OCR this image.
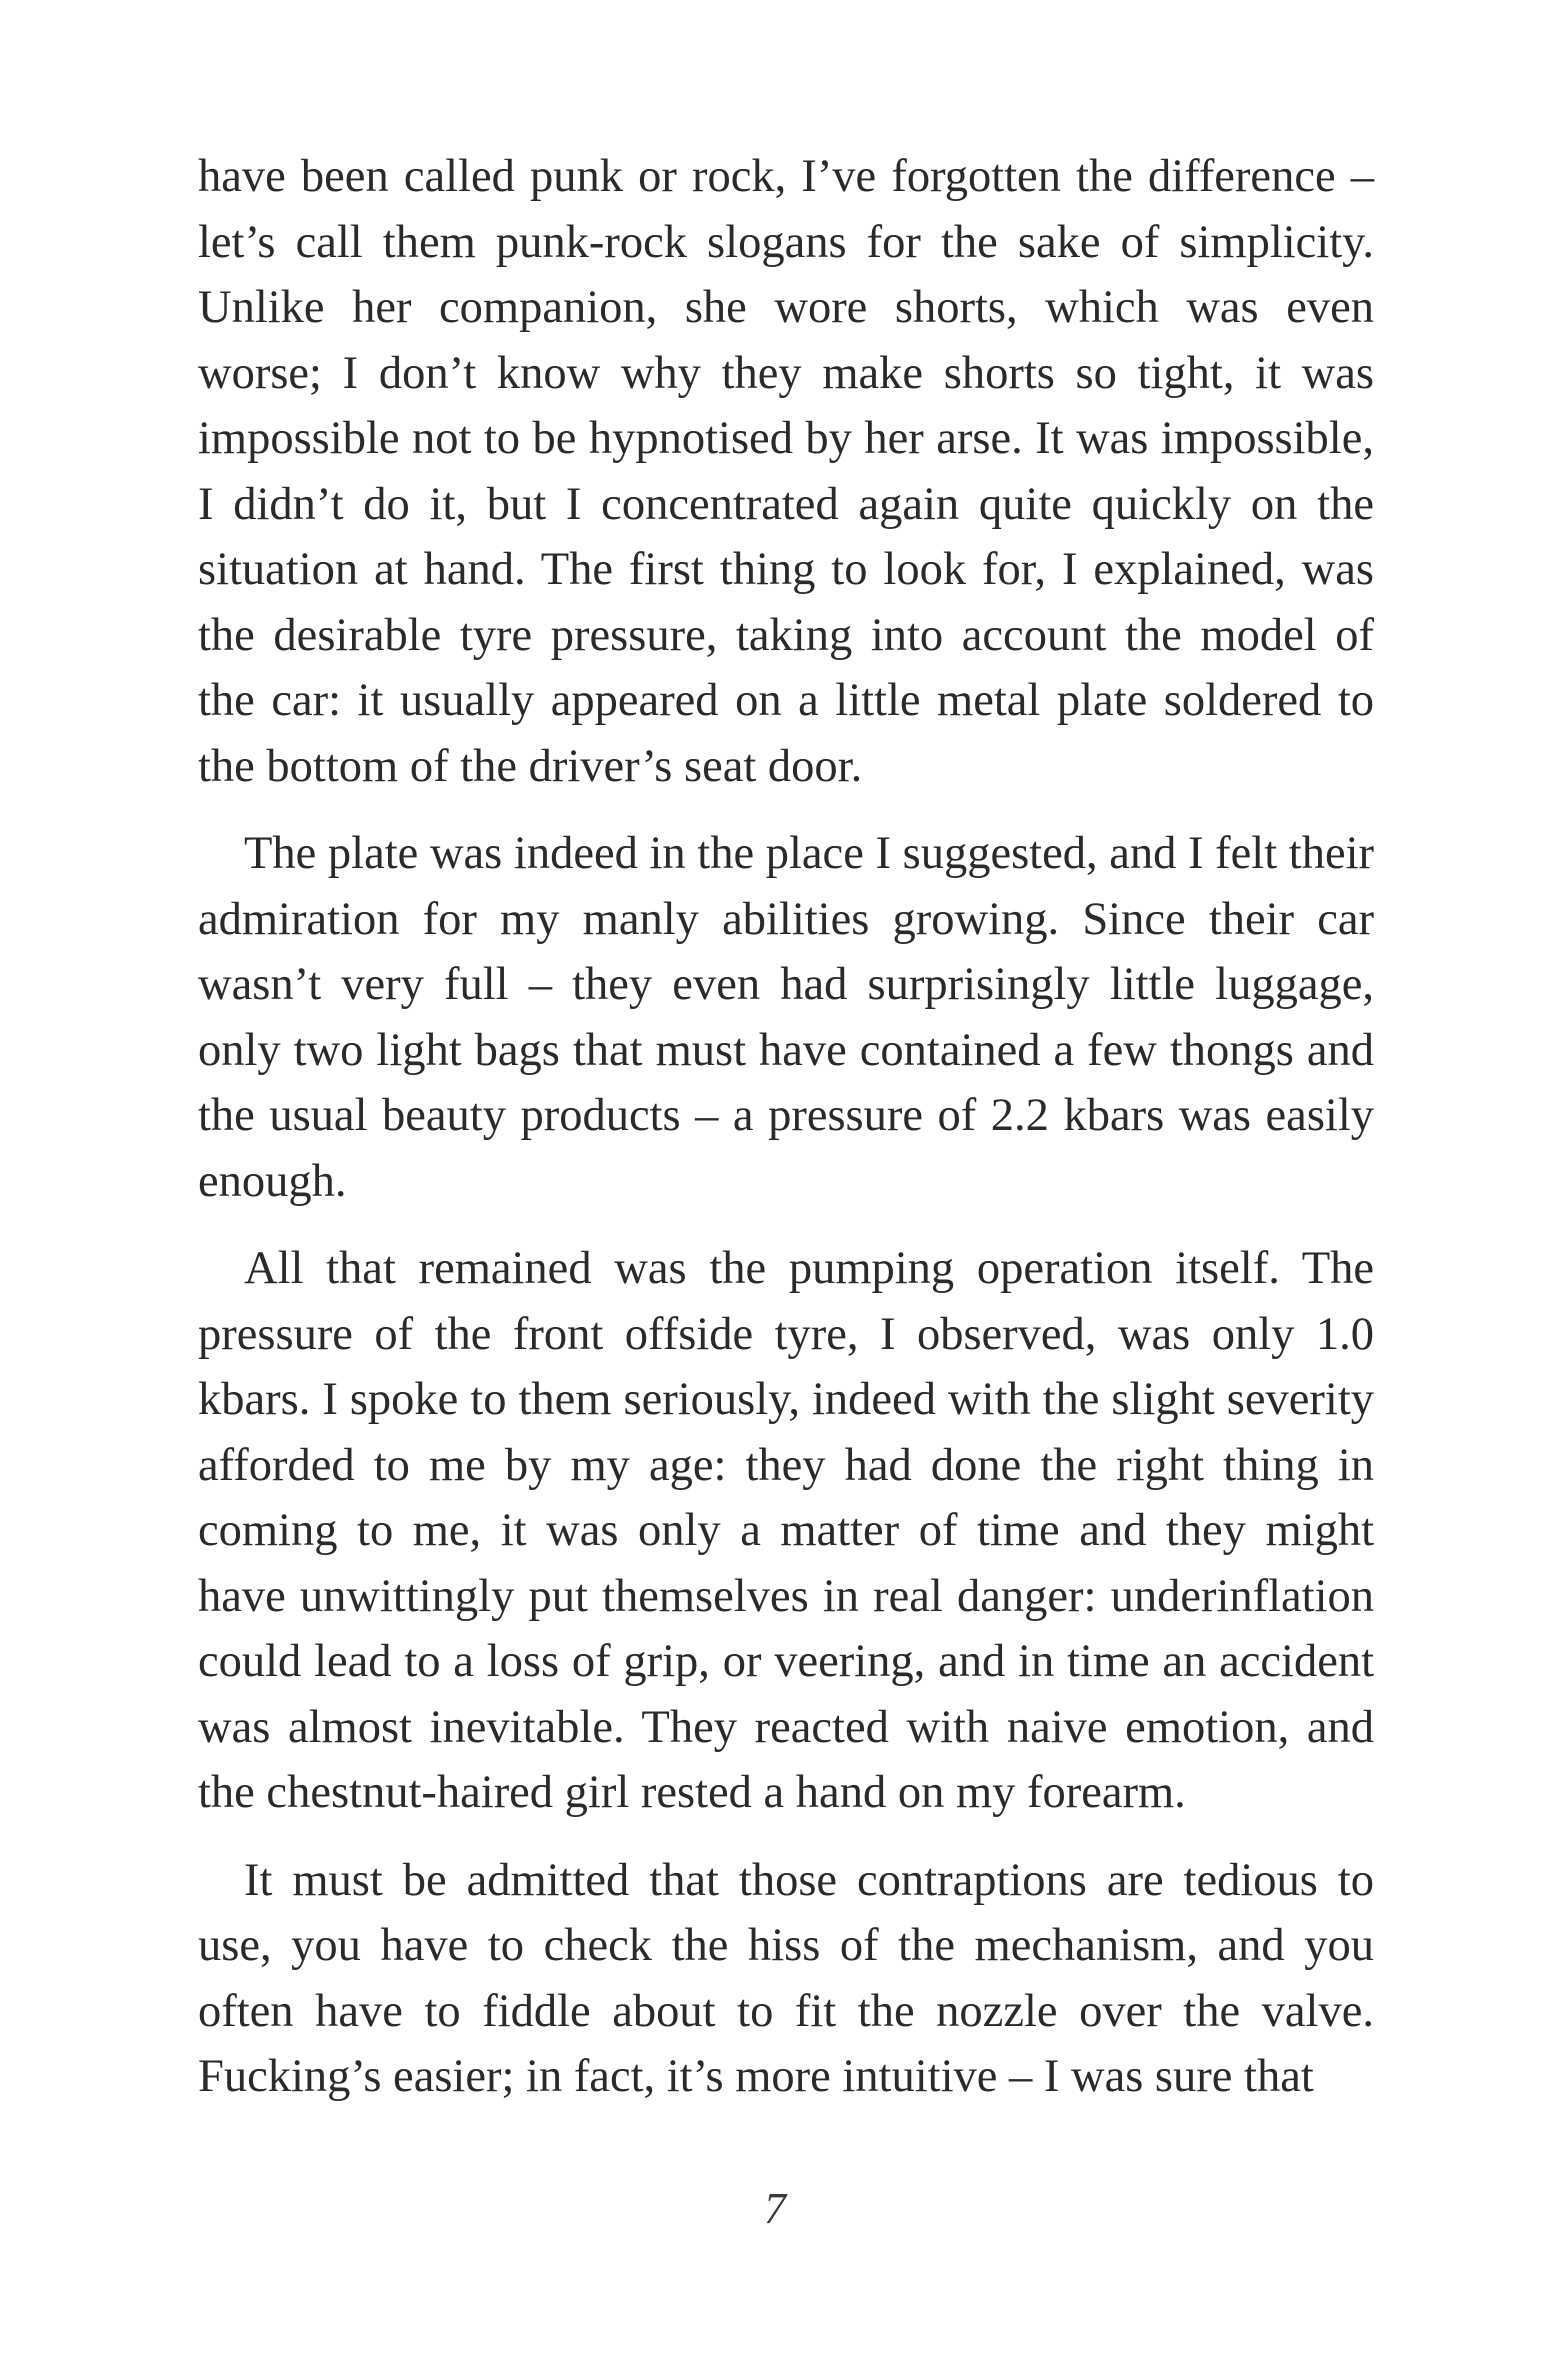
have been called punk or rock, I’ve forgotten the difference – let’s call them punk-rock slogans for the sake of simplicity. Unlike her companion, she wore shorts, which was even worse; I don’t know why they make shorts so tight, it was impossible not to be hypnotised by her arse. It was impossible, I didn’t do it, but I concentrated again quite quickly on the situation at hand. The first thing to look for, I explained, was the desirable tyre pressure, taking into account the model of the car: it usually appeared on a little metal plate soldered to the bottom of the driver’s seat door.

The plate was indeed in the place I suggested, and I felt their admiration for my manly abilities growing. Since their car wasn’t very full – they even had surprisingly little luggage, only two light bags that must have contained a few thongs and the usual beauty products – a pressure of 2.2 kbars was easily enough.

All that remained was the pumping operation itself. The pressure of the front offside tyre, I observed, was only 1.0 kbars. I spoke to them seriously, indeed with the slight severity afforded to me by my age: they had done the right thing in coming to me, it was only a matter of time and they might have unwittingly put themselves in real danger: underinflation could lead to a loss of grip, or veering, and in time an accident was almost inevitable. They reacted with naive emotion, and the chestnut-haired girl rested a hand on my forearm.

It must be admitted that those contraptions are tedious to use, you have to check the hiss of the mechanism, and you often have to fiddle about to fit the nozzle over the valve. Fucking’s easier; in fact, it’s more intuitive – I was sure that

7
